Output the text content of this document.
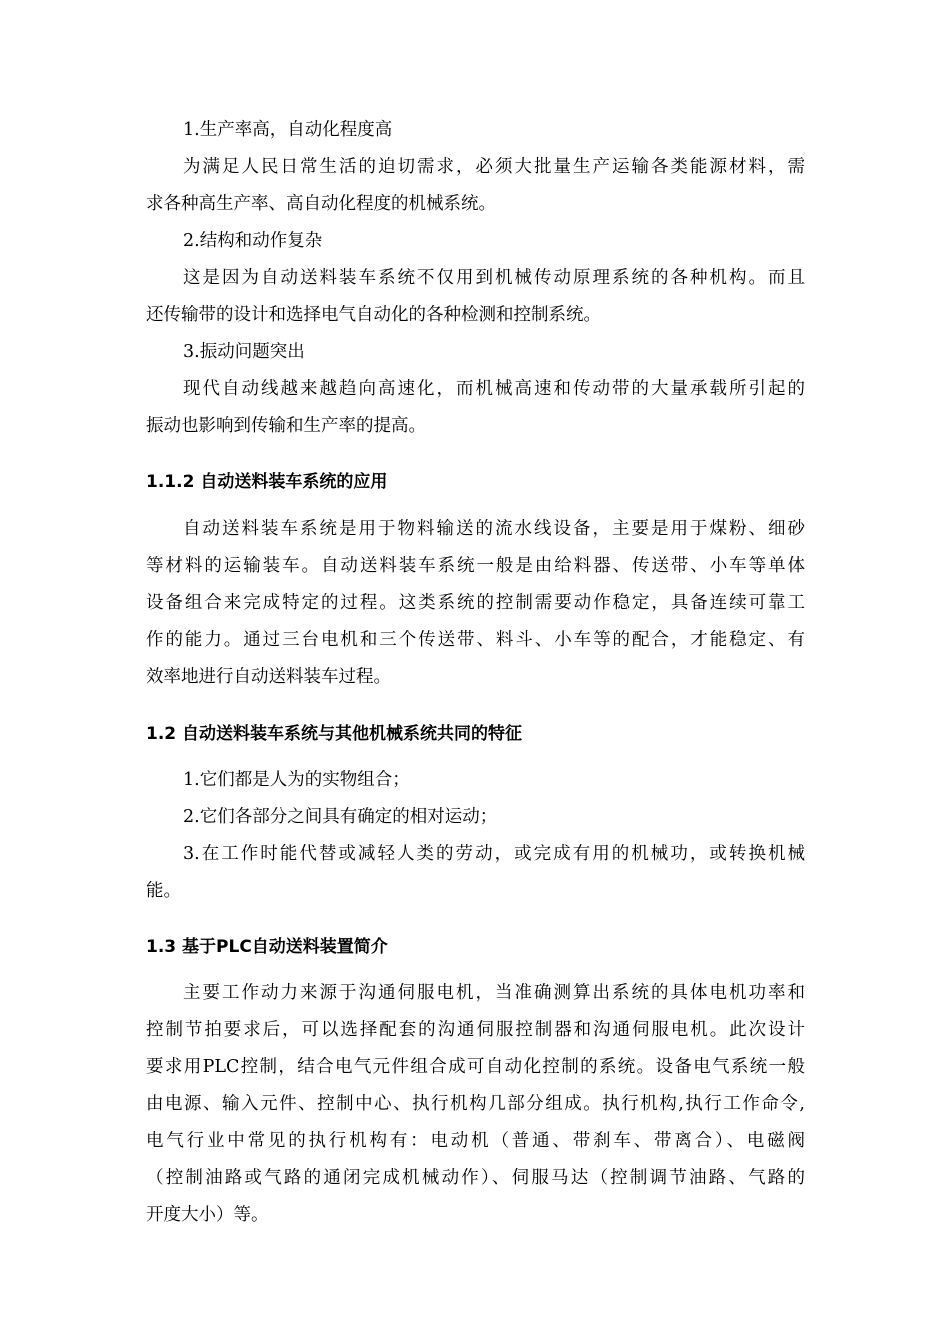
1.生产率高，自动化程度高
为满足人民日常生活的迫切需求，必须大批量生产运输各类能源材料，需
求各种高生产率、高自动化程度的机械系统。
2.结构和动作复杂
这是因为自动送料装车系统不仅用到机械传动原理系统的各种机构。而且
还传输带的设计和选择电气自动化的各种检测和控制系统。
3.振动问题突出
现代自动线越来越趋向高速化，而机械高速和传动带的大量承载所引起的
振动也影响到传输和生产率的提高。
1.1.2 自动送料装车系统的应用
自动送料装车系统是用于物料输送的流水线设备，主要是用于煤粉、细砂
等材料的运输装车。自动送料装车系统一般是由给料器、传送带、小车等单体
设备组合来完成特定的过程。这类系统的控制需要动作稳定，具备连续可靠工
作的能力。通过三台电机和三个传送带、料斗、小车等的配合，才能稳定、有
效率地进行自动送料装车过程。
1.2 自动送料装车系统与其他机械系统共同的特征
1.它们都是人为的实物组合；
2.它们各部分之间具有确定的相对运动；
3.在工作时能代替或减轻人类的劳动，或完成有用的机械功，或转换机械
能。
1.3 基于PLC自动送料装置简介
主要工作动力来源于沟通伺服电机，当准确测算出系统的具体电机功率和
控制节拍要求后，可以选择配套的沟通伺服控制器和沟通伺服电机。此次设计
要求用PLC控制，结合电气元件组合成可自动化控制的系统。设备电气系统一般
由电源、输入元件、控制中心、执行机构几部分组成。执行机构,执行工作命令,
电气行业中常见的执行机构有：电动机（普通、带刹车、带离合）、电磁阀
（控制油路或气路的通闭完成机械动作）、伺服马达（控制调节油路、气路的
开度大小）等。
